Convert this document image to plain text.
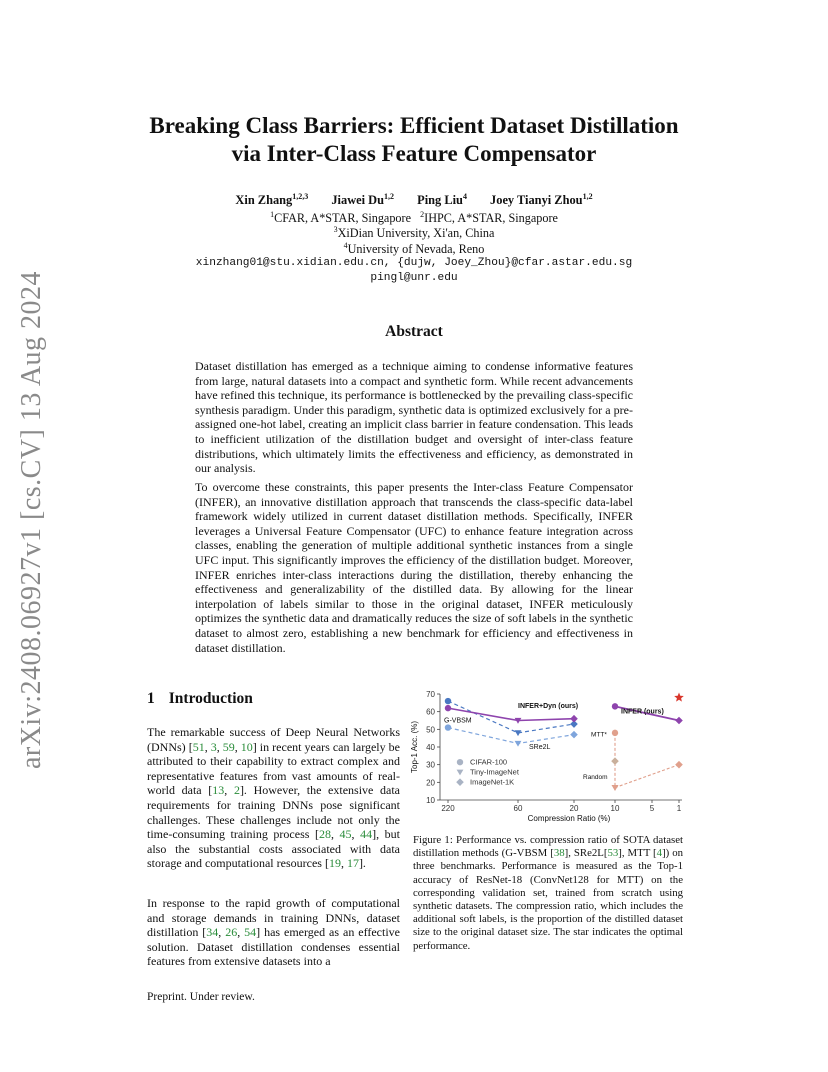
arXiv:2408.06927v1 [cs.CV] 13 Aug 2024
Breaking Class Barriers: Efficient Dataset Distillation
via Inter-Class Feature Compensator
Xin Zhang$^{1,2,3}$ Jiawei Du$^{1,2}$ Ping Liu$^4$ Joey Tianyi Zhou$^{1,2}$
$^1$CFAR, A*STAR, Singapore $^2$IHPC, A*STAR, Singapore
$^3$XiDian University, Xi'an, China
$^4$University of Nevada, Reno
xinzhang01@stu.xidian.edu.cn, {dujw, Joey_Zhou}@cfar.astar.edu.sg
pingl@unr.edu
Abstract
Dataset distillation has emerged as a technique aiming to condense informative features from large, natural datasets into a compact and synthetic form. While recent advancements have refined this technique, its performance is bottlenecked by the prevailing class-specific synthesis paradigm. Under this paradigm, synthetic data is optimized exclusively for a pre-assigned one-hot label, creating an implicit class barrier in feature condensation. This leads to inefficient utilization of the distillation budget and oversight of inter-class feature distributions, which ultimately limits the effectiveness and efficiency, as demonstrated in our analysis.
To overcome these constraints, this paper presents the Inter-class Feature Compensator (INFER), an innovative distillation approach that transcends the class-specific data-label framework widely utilized in current dataset distillation methods. Specifically, INFER leverages a Universal Feature Compensator (UFC) to enhance feature integration across classes, enabling the generation of multiple additional synthetic instances from a single UFC input. This significantly improves the efficiency of the distillation budget. Moreover, INFER enriches inter-class interactions during the distillation, thereby enhancing the effectiveness and generalizability of the distilled data. By allowing for the linear interpolation of labels similar to those in the original dataset, INFER meticulously optimizes the synthetic data and dramatically reduces the size of soft labels in the synthetic dataset to almost zero, establishing a new benchmark for efficiency and effectiveness in dataset distillation.
1 Introduction
The remarkable success of Deep Neural Networks (DNNs) [51, 3, 59, 10] in recent years can largely be attributed to their capability to extract complex and representative features from vast amounts of real-world data [13, 2]. However, the extensive data requirements for training DNNs pose significant challenges. These challenges include not only the time-consuming training process [28, 45, 44], but also the substantial costs associated with data storage and computational resources [19, 17].
In response to the rapid growth of computational and storage demands in training DNNs, dataset distillation [34, 26, 54] has emerged as an effective solution. Dataset distillation condenses essential features from extensive datasets into a
10
20
30
40
50
60
70
220	60	20	10	5	1
Compression Ratio (%)
Top-1 Acc. (%)
G-VBSM
INFER+Dyn (ours)
SRe2L
MTT*
INFER (ours)
Random
CIFAR-100
Tiny-ImageNet
ImageNet-1K
Figure 1: Performance vs. compression ratio of SOTA dataset distillation methods (G-VBSM [38], SRe2L[53], MTT [4]) on three benchmarks. Performance is measured as the Top-1 accuracy of ResNet-18 (ConvNet128 for MTT) on the corresponding validation set, trained from scratch using synthetic datasets. The compression ratio, which includes the additional soft labels, is the proportion of the distilled dataset size to the original dataset size. The star indicates the optimal performance.
Preprint. Under review.
